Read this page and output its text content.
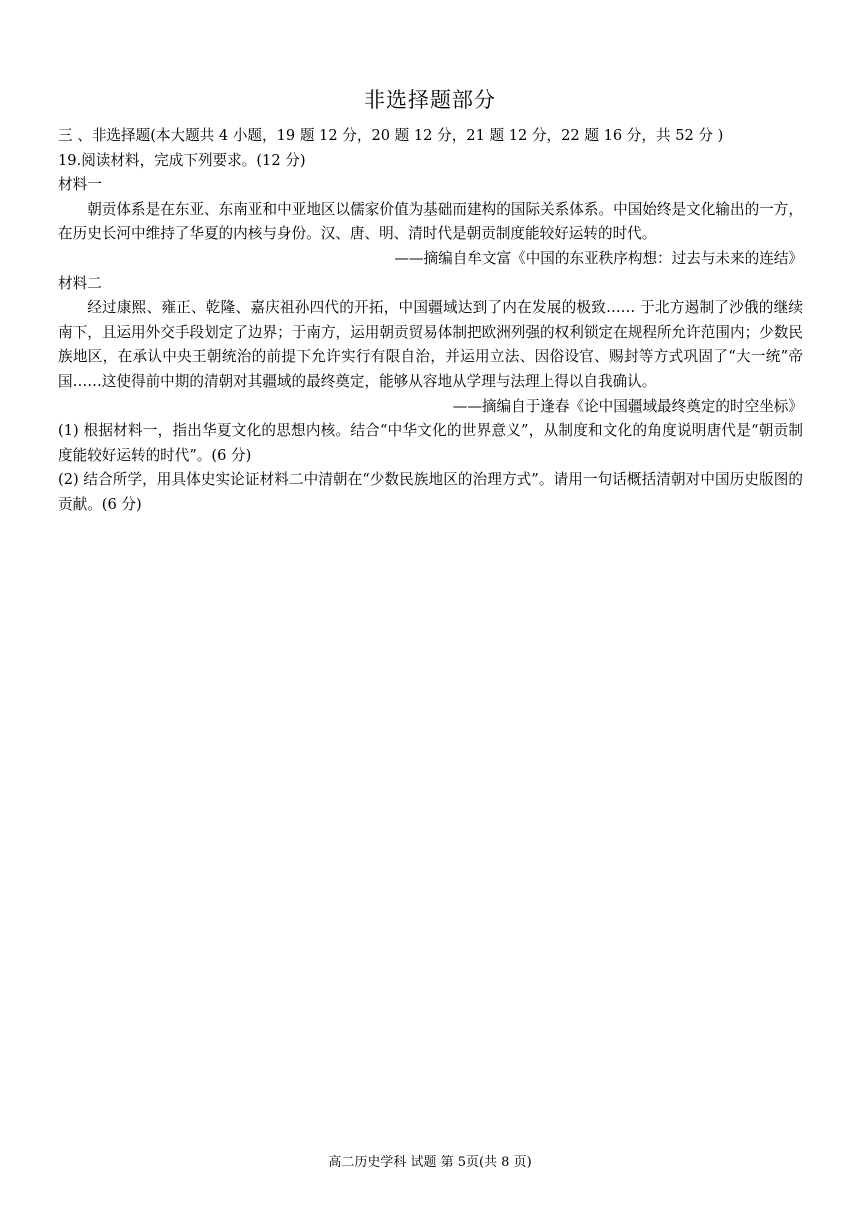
非选择题部分
三 、非选择题(本大题共 4 小题，19 题 12 分，20 题 12 分，21 题 12 分，22 题 16 分，共 52 分 )
19.阅读材料，完成下列要求。(12 分)
材料一
朝贡体系是在东亚、东南亚和中亚地区以儒家价值为基础而建构的国际关系体系。中国始终是文化输出的一方，在历史长河中维持了华夏的内核与身份。汉、唐、明、清时代是朝贡制度能较好运转的时代。
——摘编自牟文富《中国的东亚秩序构想：过去与未来的连结》
材料二
经过康熙、雍正、乾隆、嘉庆祖孙四代的开拓，中国疆域达到了内在发展的极致…… 于北方遏制了沙俄的继续南下，且运用外交手段划定了边界；于南方，运用朝贡贸易体制把欧洲列强的权利锁定在规程所允许范围内；少数民族地区，在承认中央王朝统治的前提下允许实行有限自治，并运用立法、因俗设官、赐封等方式巩固了“大一统”帝国……这使得前中期的清朝对其疆域的最终奠定，能够从容地从学理与法理上得以自我确认。
——摘编自于逢春《论中国疆域最终奠定的时空坐标》
(1) 根据材料一，指出华夏文化的思想内核。结合“中华文化的世界意义”，从制度和文化的角度说明唐代是“朝贡制度能较好运转的时代”。(6 分)
(2) 结合所学，用具体史实论证材料二中清朝在“少数民族地区的治理方式”。请用一句话概括清朝对中国历史版图的贡献。(6 分)
高二历史学科 试题 第 5页(共 8 页)
